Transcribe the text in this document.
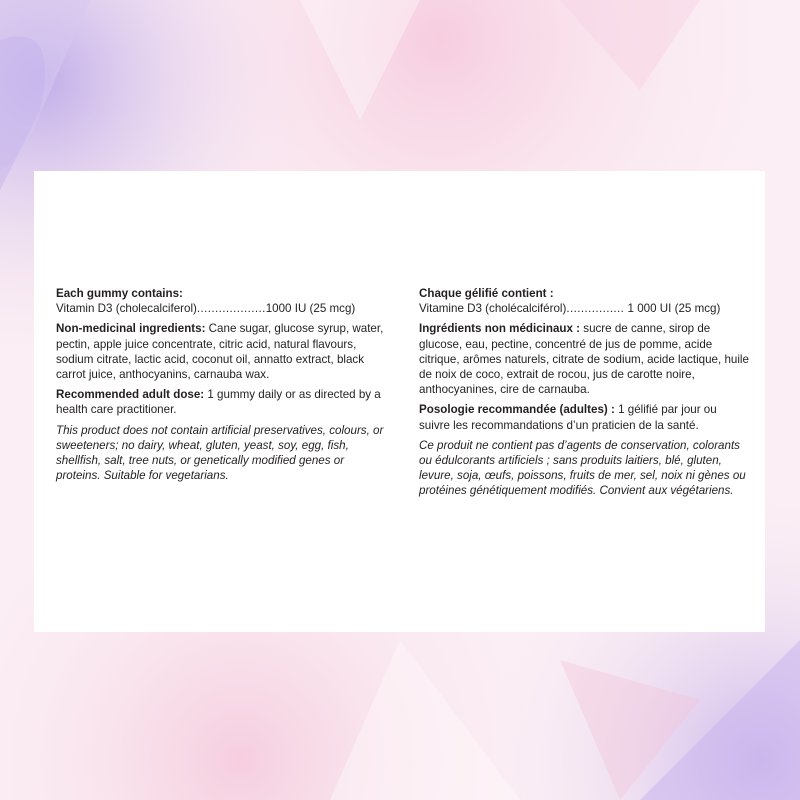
Each gummy contains:
Vitamin D3 (cholecalciferol)...................1000 IU (25 mcg)
Non-medicinal ingredients: Cane sugar, glucose syrup, water, pectin, apple juice concentrate, citric acid, natural flavours, sodium citrate, lactic acid, coconut oil, annatto extract, black carrot juice, anthocyanins, carnauba wax.
Recommended adult dose: 1 gummy daily or as directed by a health care practitioner.
This product does not contain artificial preservatives, colours, or sweeteners; no dairy, wheat, gluten, yeast, soy, egg, fish, shellfish, salt, tree nuts, or genetically modified genes or proteins. Suitable for vegetarians.
Chaque gélifié contient :
Vitamine D3 (cholécalciférol)................ 1 000 UI (25 mcg)
Ingrédients non médicinaux : sucre de canne, sirop de glucose, eau, pectine, concentré de jus de pomme, acide citrique, arômes naturels, citrate de sodium, acide lactique, huile de noix de coco, extrait de rocou, jus de carotte noire, anthocyanines, cire de carnauba.
Posologie recommandée (adultes) : 1 gélifié par jour ou suivre les recommandations d’un praticien de la santé.
Ce produit ne contient pas d’agents de conservation, colorants ou édulcorants artificiels ; sans produits laitiers, blé, gluten, levure, soja, œufs, poissons, fruits de mer, sel, noix ni gènes ou protéines génétiquement modifiés. Convient aux végétariens.
